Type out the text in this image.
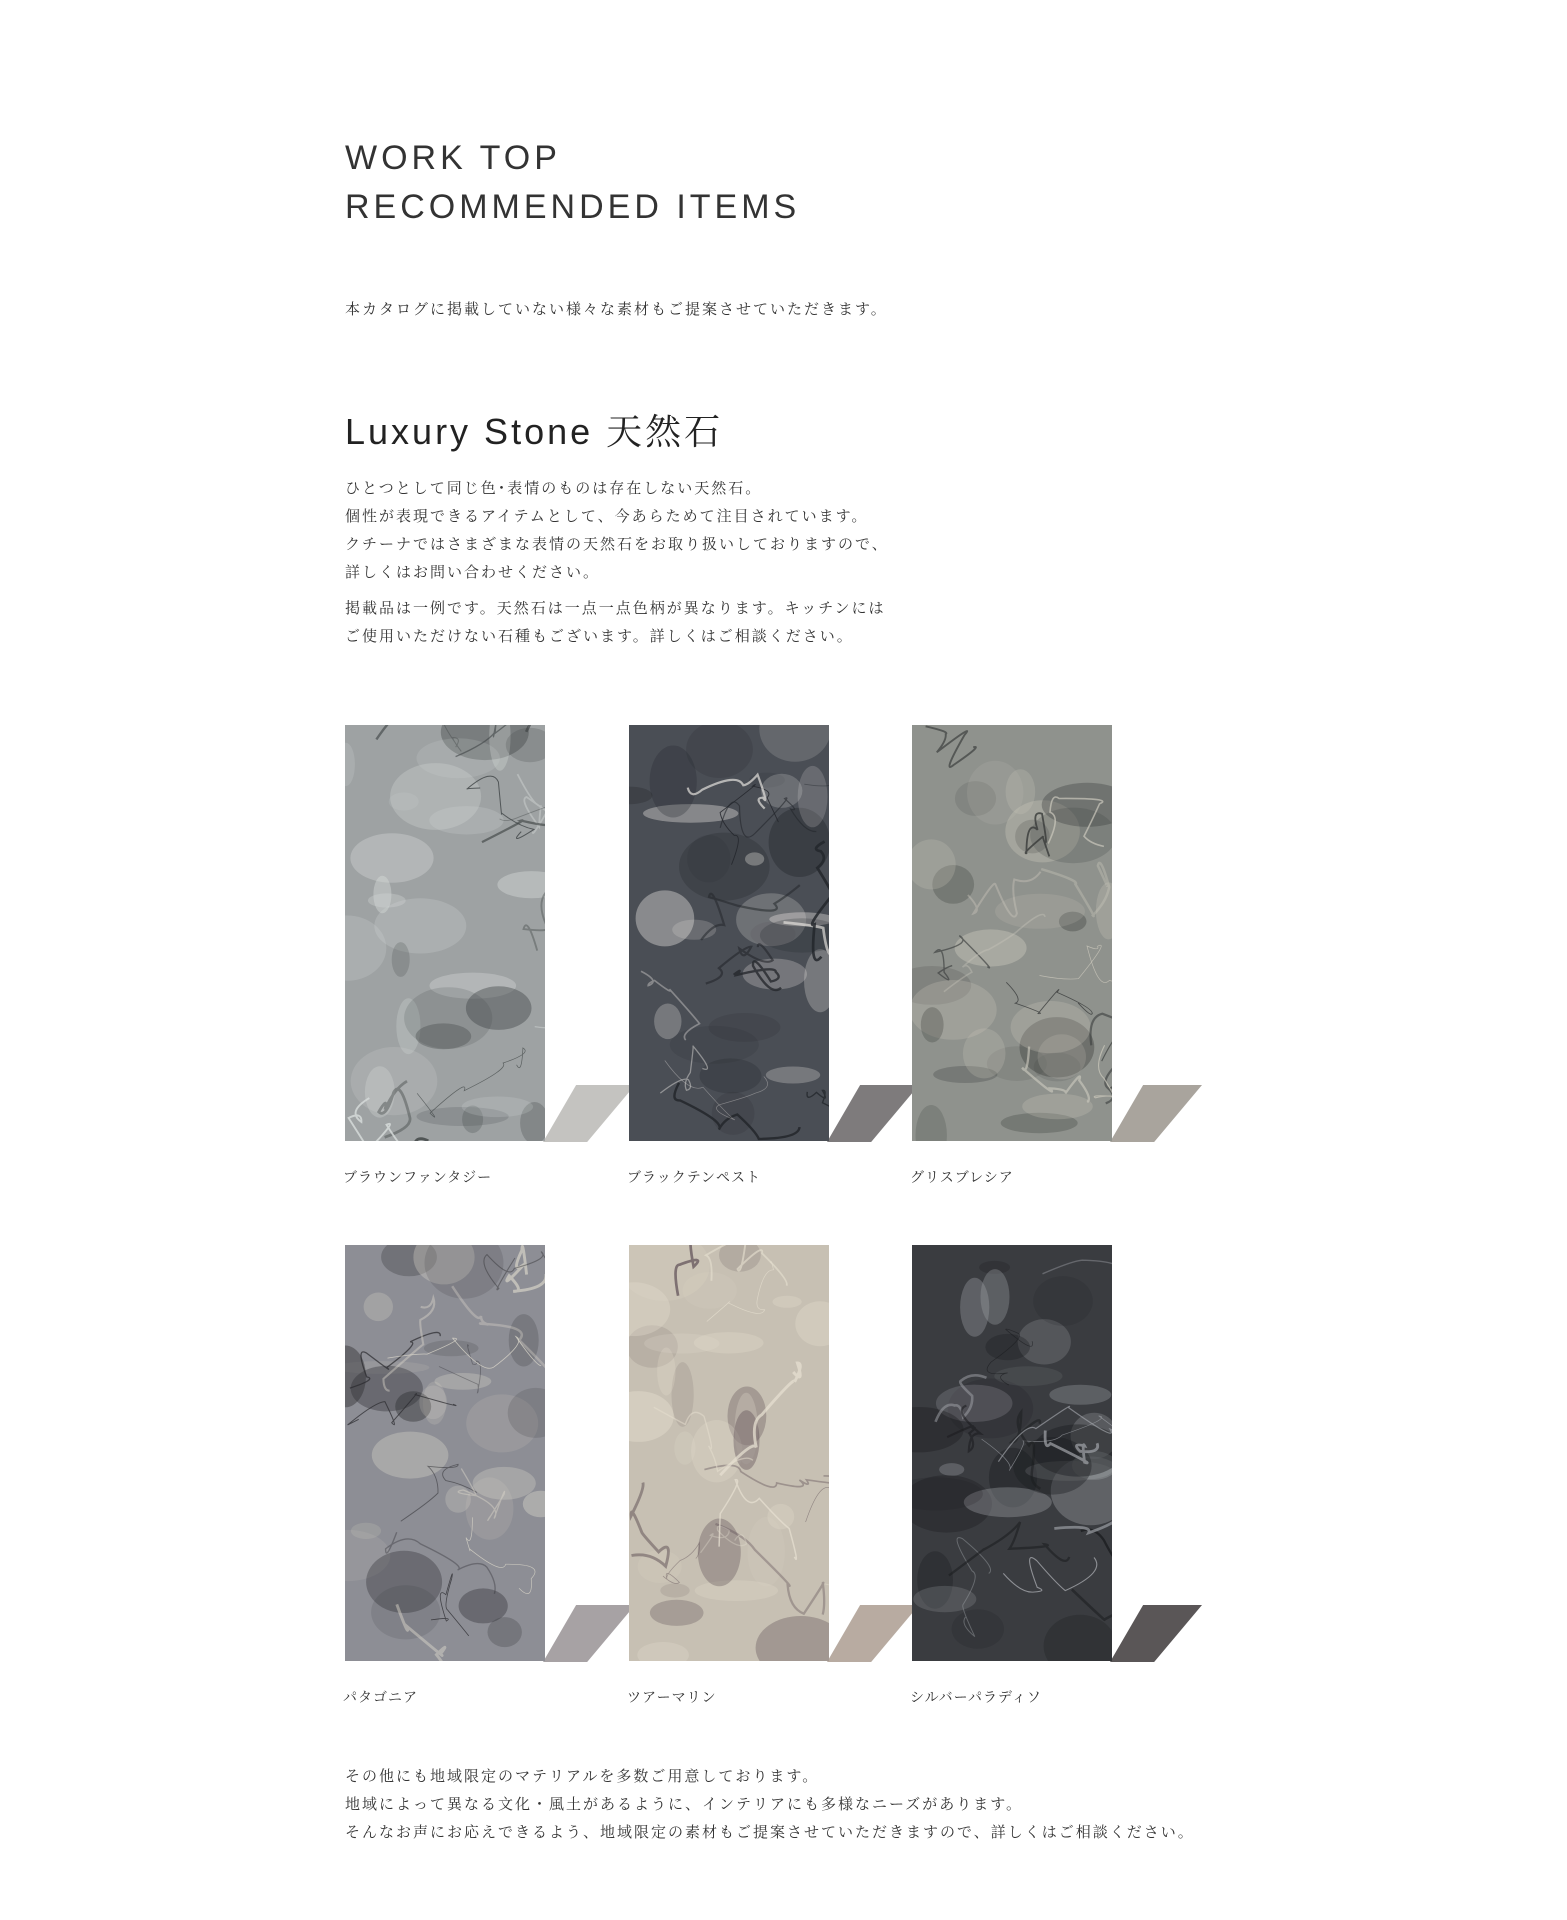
WORK TOP
RECOMMENDED ITEMS
本カタログに掲載していない様々な素材もご提案させていただきます。
Luxury Stone 天然石

ひとつとして同じ色･表情のものは存在しない天然石。

個性が表現できるアイテムとして、今あらためて注目されています。

クチーナではさまざまな表情の天然石をお取り扱いしておりますので、

詳しくはお問い合わせください。

掲載品は一例です。天然石は一点一点色柄が異なります。キッチンには

ご使用いただけない石種もございます。詳しくはご相談ください。

ブラウンファンタジー	ブラックテンペスト	グリスブレシア
パタゴニア	ツアーマリン	シルバーパラディソ

その他にも地域限定のマテリアルを多数ご用意しております。

地域によって異なる文化・風土があるように、インテリアにも多様なニーズがあります。

そんなお声にお応えできるよう、地域限定の素材もご提案させていただきますので、詳しくはご相談ください。
